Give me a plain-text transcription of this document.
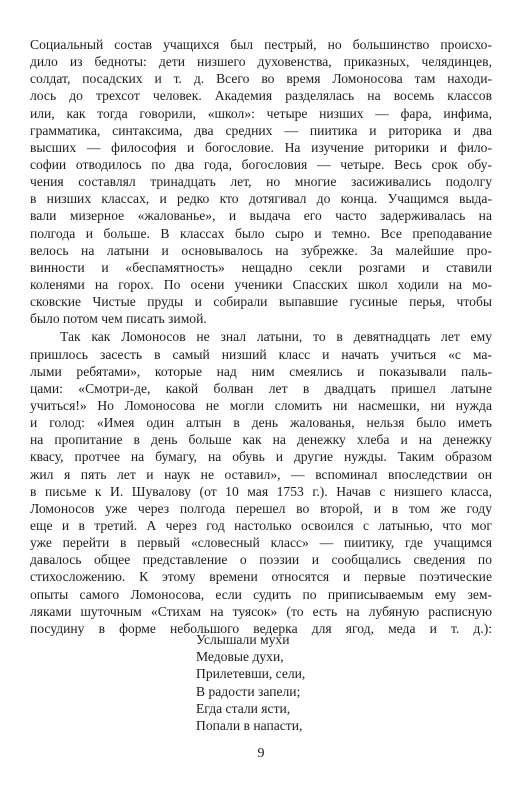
Социальный состав учащихся был пестрый, но большинство происхо-
дило из бедноты: дети низшего духовенства, приказных, челядинцев,
солдат, посадских и т. д. Всего во время Ломоносова там находи-
лось до трехсот человек. Академия разделялась на восемь классов
или, как тогда говорили, «школ»: четыре низших — фара, инфима,
грамматика, синтаксима, два средних — пиитика и риторика и два
высших — философия и богословие. На изучение риторики и фило-
софии отводилось по два года, богословия — четыре. Весь срок обу-
чения составлял тринадцать лет, но многие засиживались подолгу
в низших классах, и редко кто дотягивал до конца. Учащимся выда-
вали мизерное «жалованье», и выдача его часто задерживалась на
полгода и больше. В классах было сыро и темно. Все преподавание
велось на латыни и основывалось на зубрежке. За малейшие про-
винности и «беспамятность» нещадно секли розгами и ставили
коленями на горох. По осени ученики Спасских школ ходили на мо-
сковские Чистые пруды и собирали выпавшие гусиные перья, чтобы
было потом чем писать зимой.
Так как Ломоносов не знал латыни, то в девятнадцать лет ему
пришлось засесть в самый низший класс и начать учиться «с ма-
лыми ребятами», которые над ним смеялись и показывали паль-
цами: «Смотри-де, какой болван лет в двадцать пришел латыне
учиться!» Но Ломоносова не могли сломить ни насмешки, ни нужда
и голод: «Имея один алтын в день жалованья, нельзя было иметь
на пропитание в день больше как на денежку хлеба и на денежку
квасу, протчее на бумагу, на обувь и другие нужды. Таким образом
жил я пять лет и наук не оставил», — вспоминал впоследствии он
в письме к И. Шувалову (от 10 мая 1753 г.). Начав с низшего класса,
Ломоносов уже через полгода перешел во второй, и в том же году
еще и в третий. А через год настолько освоился с латынью, что мог
уже перейти в первый «словесный класс» — пиитику, где учащимся
давалось общее представление о поэзии и сообщались сведения по
стихосложению. К этому времени относятся и первые поэтические
опыты самого Ломоносова, если судить по приписываемым ему зем-
ляками шуточным «Стихам на туясок» (то есть на лубяную расписную
посудину в форме небольшого ведерка для ягод, меда и т. д.):
Услышали мухи
Медовые духи,
Прилетевши, сели,
В радости запели;
Егда стали ясти,
Попали в напасти,
9
